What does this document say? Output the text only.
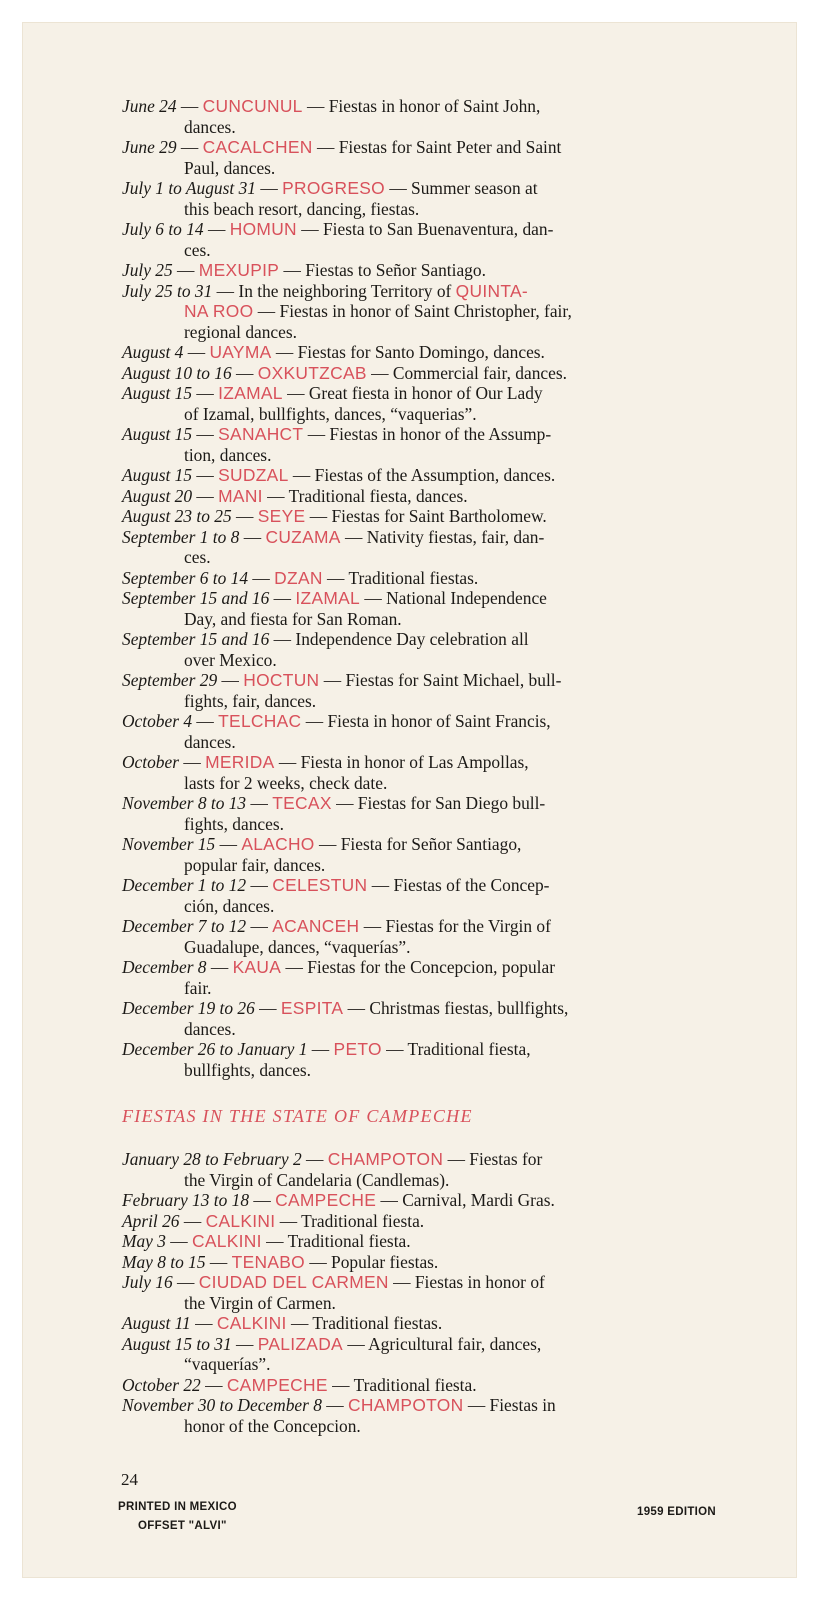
June 24 — CUNCUNUL — Fiestas in honor of Saint John,
dances.

June 29 — CACALCHEN — Fiestas for Saint Peter and Saint
Paul, dances.

July 1 to August 31 — PROGRESO — Summer season at
this beach resort, dancing, fiestas.

July 6 to 14 — HOMUN — Fiesta to San Buenaventura, dan-
ces.

July 25 — MEXUPIP — Fiestas to Señor Santiago.

July 25 to 31 — In the neighboring Territory of QUINTA-
NA ROO — Fiestas in honor of Saint Christopher, fair,
regional dances.

August 4 — UAYMA — Fiestas for Santo Domingo, dances.

August 10 to 16 — OXKUTZCAB — Commercial fair, dances.

August 15 — IZAMAL — Great fiesta in honor of Our Lady
of Izamal, bullfights, dances, “vaquerias”.

August 15 — SANAHCT — Fiestas in honor of the Assump-
tion, dances.

August 15 — SUDZAL — Fiestas of the Assumption, dances.

August 20 — MANI — Traditional fiesta, dances.

August 23 to 25 — SEYE — Fiestas for Saint Bartholomew.

September 1 to 8 — CUZAMA — Nativity fiestas, fair, dan-
ces.

September 6 to 14 — DZAN — Traditional fiestas.

September 15 and 16 — IZAMAL — National Independence
Day, and fiesta for San Roman.

September 15 and 16 — Independence Day celebration all
over Mexico.

September 29 — HOCTUN — Fiestas for Saint Michael, bull-
fights, fair, dances.

October 4 — TELCHAC — Fiesta in honor of Saint Francis,
dances.

October — MERIDA — Fiesta in honor of Las Ampollas,
lasts for 2 weeks, check date.

November 8 to 13 — TECAX — Fiestas for San Diego bull-
fights, dances.

November 15 — ALACHO — Fiesta for Señor Santiago,
popular fair, dances.

December 1 to 12 — CELESTUN — Fiestas of the Concep-
ción, dances.

December 7 to 12 — ACANCEH — Fiestas for the Virgin of
Guadalupe, dances, “vaquerías”.

December 8 — KAUA — Fiestas for the Concepcion, popular
fair.

December 19 to 26 — ESPITA — Christmas fiestas, bullfights,
dances.

December 26 to January 1 — PETO — Traditional fiesta,
bullfights, dances.

FIESTAS IN THE STATE OF CAMPECHE

January 28 to February 2 — CHAMPOTON — Fiestas for
the Virgin of Candelaria (Candlemas).

February 13 to 18 — CAMPECHE — Carnival, Mardi Gras.

April 26 — CALKINI — Traditional fiesta.

May 3 — CALKINI — Traditional fiesta.

May 8 to 15 — TENABO — Popular fiestas.

July 16 — CIUDAD DEL CARMEN — Fiestas in honor of
the Virgin of Carmen.

August 11 — CALKINI — Traditional fiestas.

August 15 to 31 — PALIZADA — Agricultural fair, dances,
“vaquerías”.

October 22 — CAMPECHE — Traditional fiesta.

November 30 to December 8 — CHAMPOTON — Fiestas in
honor of the Concepcion.

24
PRINTED IN MEXICO
OFFSET "ALVI"
1959 EDITION
